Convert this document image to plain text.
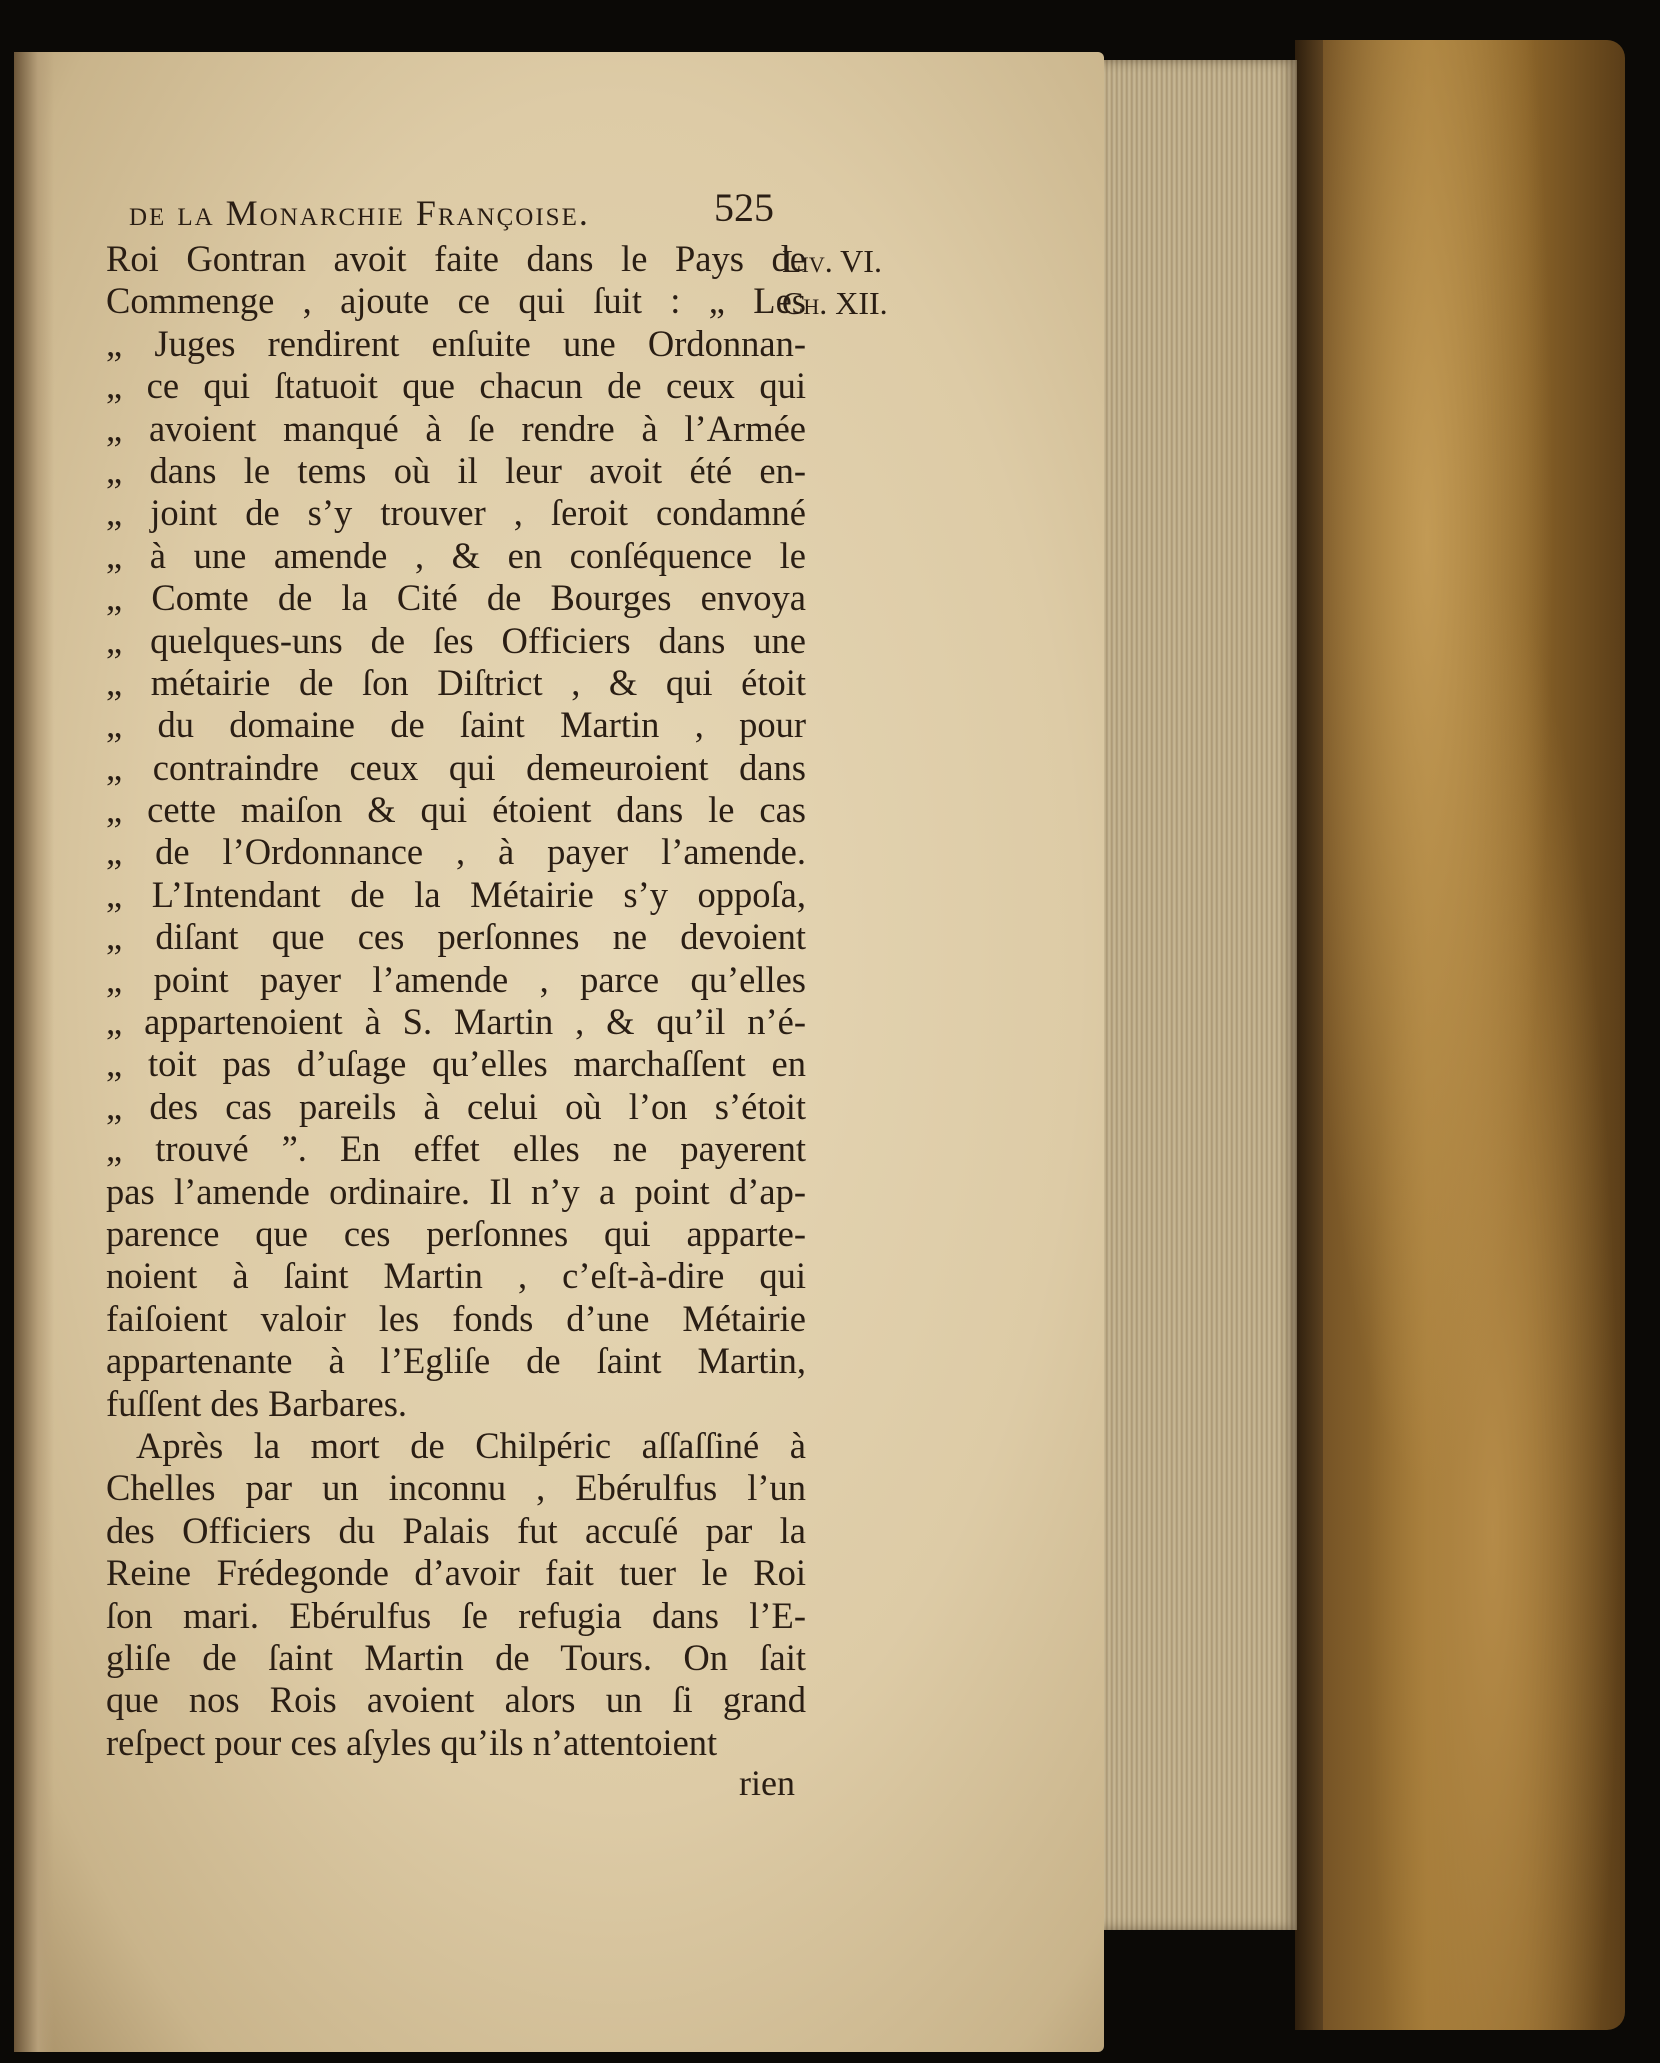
de la Monarchie Françoise.	525
Liv. VI.
Ch. XII.
Roi Gontran avoit faite dans le Pays de
Commenge , ajoute ce qui ſuit : „ Les
„ Juges rendirent enſuite une Ordonnan-
„ ce qui ſtatuoit que chacun de ceux qui
„ avoient manqué à ſe rendre à l’Armée
„ dans le tems où il leur avoit été en-
„ joint de s’y trouver , ſeroit condamné
„ à une amende , & en conſéquence le
„ Comte de la Cité de Bourges envoya
„ quelques-uns de ſes Officiers dans une
„ métairie de ſon Diſtrict , & qui étoit
„ du domaine de ſaint Martin , pour
„ contraindre ceux qui demeuroient dans
„ cette maiſon & qui étoient dans le cas
„ de l’Ordonnance , à payer l’amende.
„ L’Intendant de la Métairie s’y oppoſa,
„ diſant que ces perſonnes ne devoient
„ point payer l’amende , parce qu’elles
„ appartenoient à S. Martin , & qu’il n’é-
„ toit pas d’uſage qu’elles marchaſſent en
„ des cas pareils à celui où l’on s’étoit
„ trouvé ”. En effet elles ne payerent
pas l’amende ordinaire. Il n’y a point d’ap-
parence que ces perſonnes qui apparte-
noient à ſaint Martin , c’eſt-à-dire qui
faiſoient valoir les fonds d’une Métairie
appartenante à l’Egliſe de ſaint Martin,
fuſſent des Barbares.
Après la mort de Chilpéric aſſaſſiné à
Chelles par un inconnu , Ebérulfus l’un
des Officiers du Palais fut accuſé par la
Reine Frédegonde d’avoir fait tuer le Roi
ſon mari. Ebérulfus ſe refugia dans l’E-
gliſe de ſaint Martin de Tours. On ſait
que nos Rois avoient alors un ſi grand
reſpect pour ces aſyles qu’ils n’attentoient
rien
